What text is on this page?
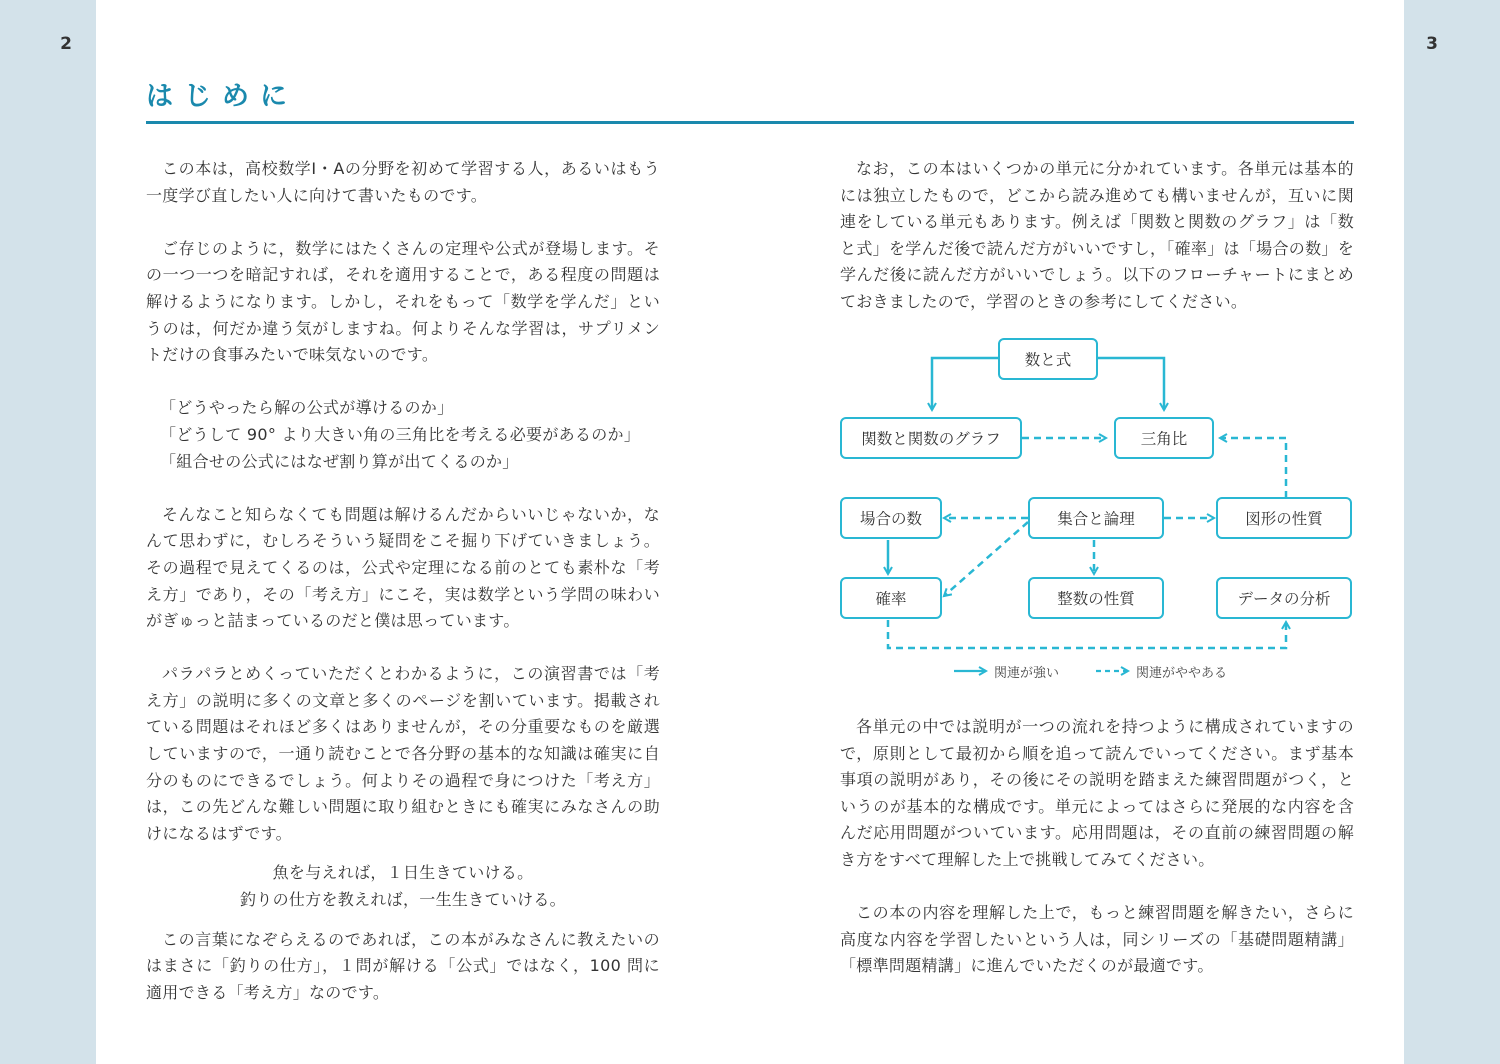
2	3
はじめに

この本は，高校数学Ⅰ・Aの分野を初めて学習する人，あるいはもう一度学び直したい人に向けて書いたものです。

ご存じのように，数学にはたくさんの定理や公式が登場します。その一つ一つを暗記すれば，それを適用することで，ある程度の問題は解けるようになります。しかし，それをもって「数学を学んだ」というのは，何だか違う気がしますね。何よりそんな学習は，サプリメントだけの食事みたいで味気ないのです。

「どうやったら解の公式が導けるのか」

「どうして 90° より大きい角の三角比を考える必要があるのか」

「組合せの公式にはなぜ割り算が出てくるのか」

そんなこと知らなくても問題は解けるんだからいいじゃないか，なんて思わずに，むしろそういう疑問をこそ掘り下げていきましょう。その過程で見えてくるのは，公式や定理になる前のとても素朴な「考え方」であり，その「考え方」にこそ，実は数学という学問の味わいがぎゅっと詰まっているのだと僕は思っています。

パラパラとめくっていただくとわかるように，この演習書では「考え方」の説明に多くの文章と多くのページを割いています。掲載されている問題はそれほど多くはありませんが，その分重要なものを厳選していますので，一通り読むことで各分野の基本的な知識は確実に自分のものにできるでしょう。何よりその過程で身につけた「考え方」は，この先どんな難しい問題に取り組むときにも確実にみなさんの助けになるはずです。

魚を与えれば，１日生きていける。

釣りの仕方を教えれば，一生生きていける。

この言葉になぞらえるのであれば，この本がみなさんに教えたいのはまさに「釣りの仕方」，１問が解ける「公式」ではなく，100 問に適用できる「考え方」なのです。

なお，この本はいくつかの単元に分かれています。各単元は基本的には独立したもので，どこから読み進めても構いませんが，互いに関連をしている単元もあります。例えば「関数と関数のグラフ」は「数と式」を学んだ後で読んだ方がいいですし，「確率」は「場合の数」を学んだ後に読んだ方がいいでしょう。以下のフローチャートにまとめておきましたので，学習のときの参考にしてください。

数と式
関数と関数のグラフ	三角比
場合の数	集合と論理	図形の性質
確率	整数の性質	データの分析
関連が強い	関連がややある

各単元の中では説明が一つの流れを持つように構成されていますので，原則として最初から順を追って読んでいってください。まず基本事項の説明があり，その後にその説明を踏まえた練習問題がつく，というのが基本的な構成です。単元によってはさらに発展的な内容を含んだ応用問題がついています。応用問題は，その直前の練習問題の解き方をすべて理解した上で挑戦してみてください。

この本の内容を理解した上で，もっと練習問題を解きたい，さらに高度な内容を学習したいという人は，同シリーズの「基礎問題精講」「標準問題精講」に進んでいただくのが最適です。
